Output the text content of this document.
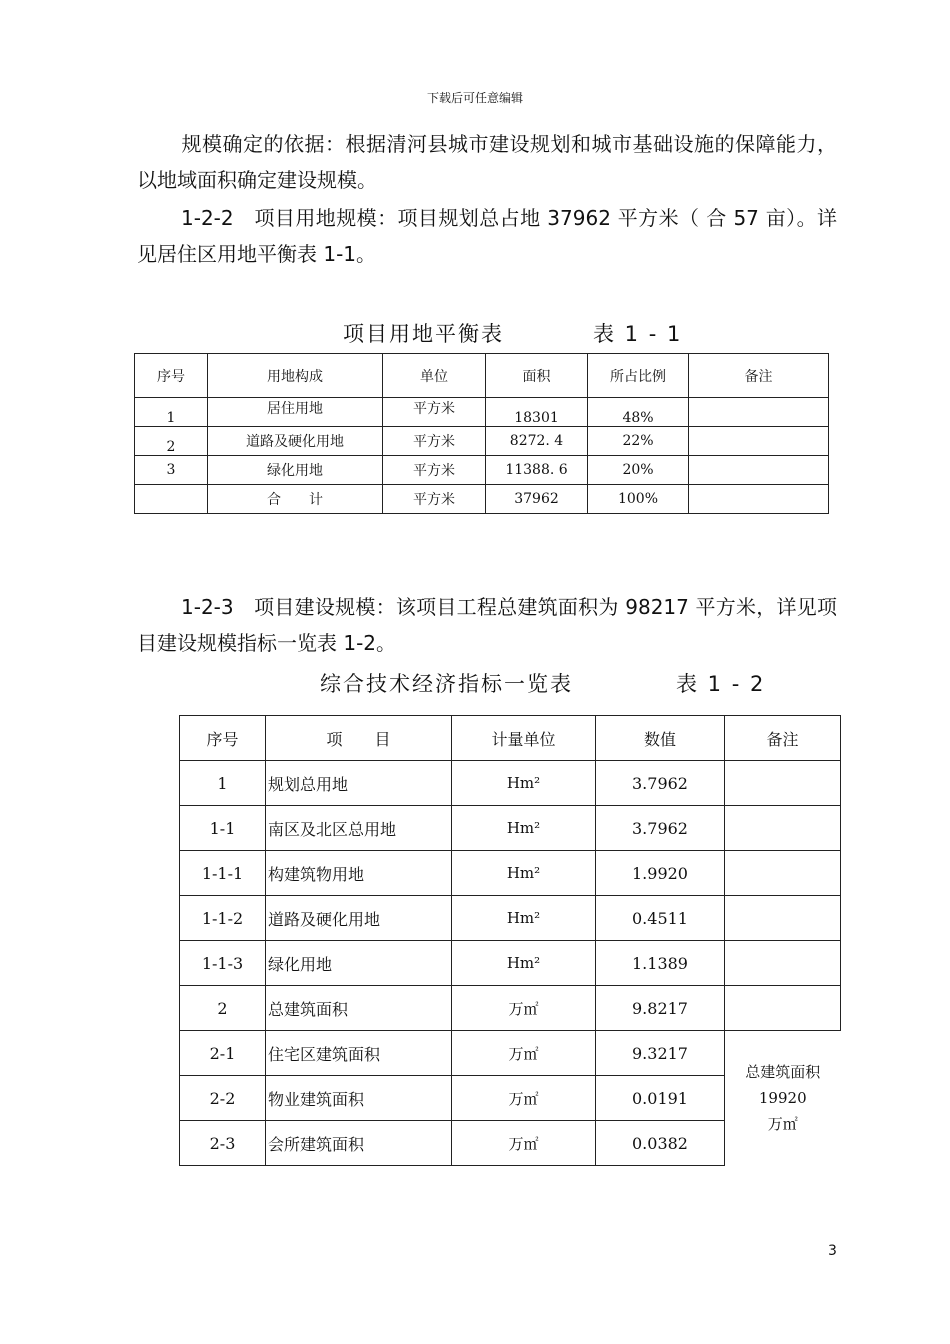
下载后可任意编辑
规模确定的依据：根据清河县城市建设规划和城市基础设施的保障能力，以地域面积确定建设规模。
1-2-2　项目用地规模：项目规划总占地 37962 平方米（ 合 57 亩）。详见居住区用地平衡表 1-1。
项目用地平衡表	表 1 - 1
序号	用地构成	单位	面积	所占比例	备注
1	居住用地	平方米	18301	48%	
2	道路及硬化用地	平方米	8272. 4	22%	
3	绿化用地	平方米	11388. 6	20%	
	合　　计	平方米	37962	100%	
1-2-3　项目建设规模：该项目工程总建筑面积为 98217 平方米，详见项目建设规模指标一览表 1-2。
综合技术经济指标一览表	表 1 - 2
序号	项　　目	计量单位	数值	备注
1	规划总用地	Hm²	3.7962	
1-1	南区及北区总用地	Hm²	3.7962	
1-1-1	构建筑物用地	Hm²	1.9920	
1-1-2	道路及硬化用地	Hm²	0.4511	
1-1-3	绿化用地	Hm²	1.1389	
2	总建筑面积	万㎡	9.8217	
2-1	住宅区建筑面积	万㎡	9.3217	总建筑面积
19920
万㎡

2-2	物业建筑面积	万㎡	0.0191	
2-3	会所建筑面积	万㎡	0.0382	
3
